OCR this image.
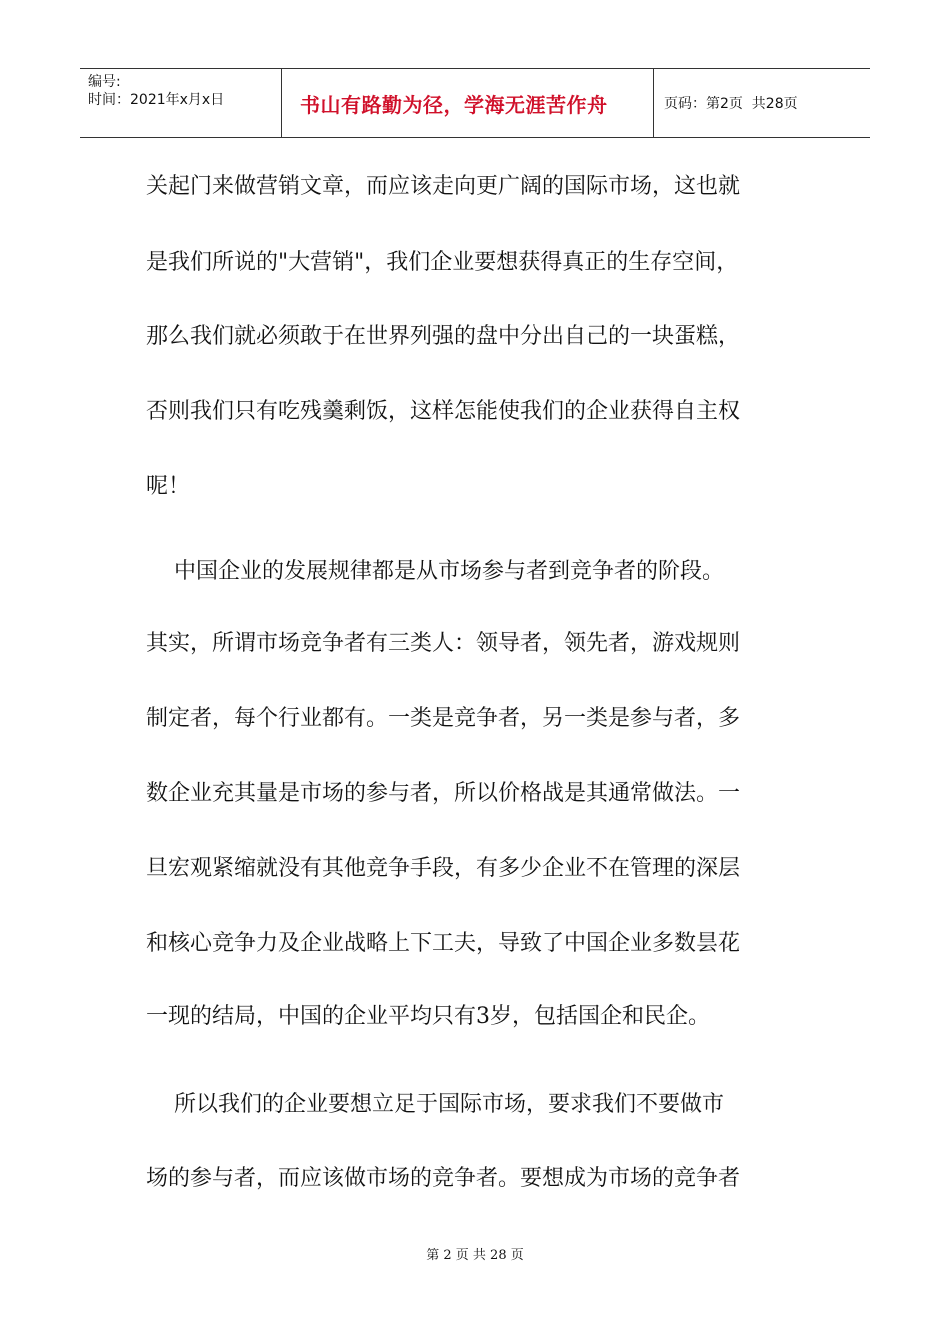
编号:
时间：2021年x月x日	书山有路勤为径，学海无涯苦作舟	页码：第2页  共28页
关起门来做营销文章，而应该走向更广阔的国际市场，这也就
是我们所说的"大营销"，我们企业要想获得真正的生存空间，
那么我们就必须敢于在世界列强的盘中分出自己的一块蛋糕，
否则我们只有吃残羹剩饭，这样怎能使我们的企业获得自主权
呢！
中国企业的发展规律都是从市场参与者到竞争者的阶段。
其实，所谓市场竞争者有三类人：领导者，领先者，游戏规则
制定者，每个行业都有。一类是竞争者，另一类是参与者，多
数企业充其量是市场的参与者，所以价格战是其通常做法。一
旦宏观紧缩就没有其他竞争手段，有多少企业不在管理的深层
和核心竞争力及企业战略上下工夫，导致了中国企业多数昙花
一现的结局，中国的企业平均只有3岁，包括国企和民企。
所以我们的企业要想立足于国际市场，要求我们不要做市
场的参与者，而应该做市场的竞争者。要想成为市场的竞争者
第 2 页 共 28 页
